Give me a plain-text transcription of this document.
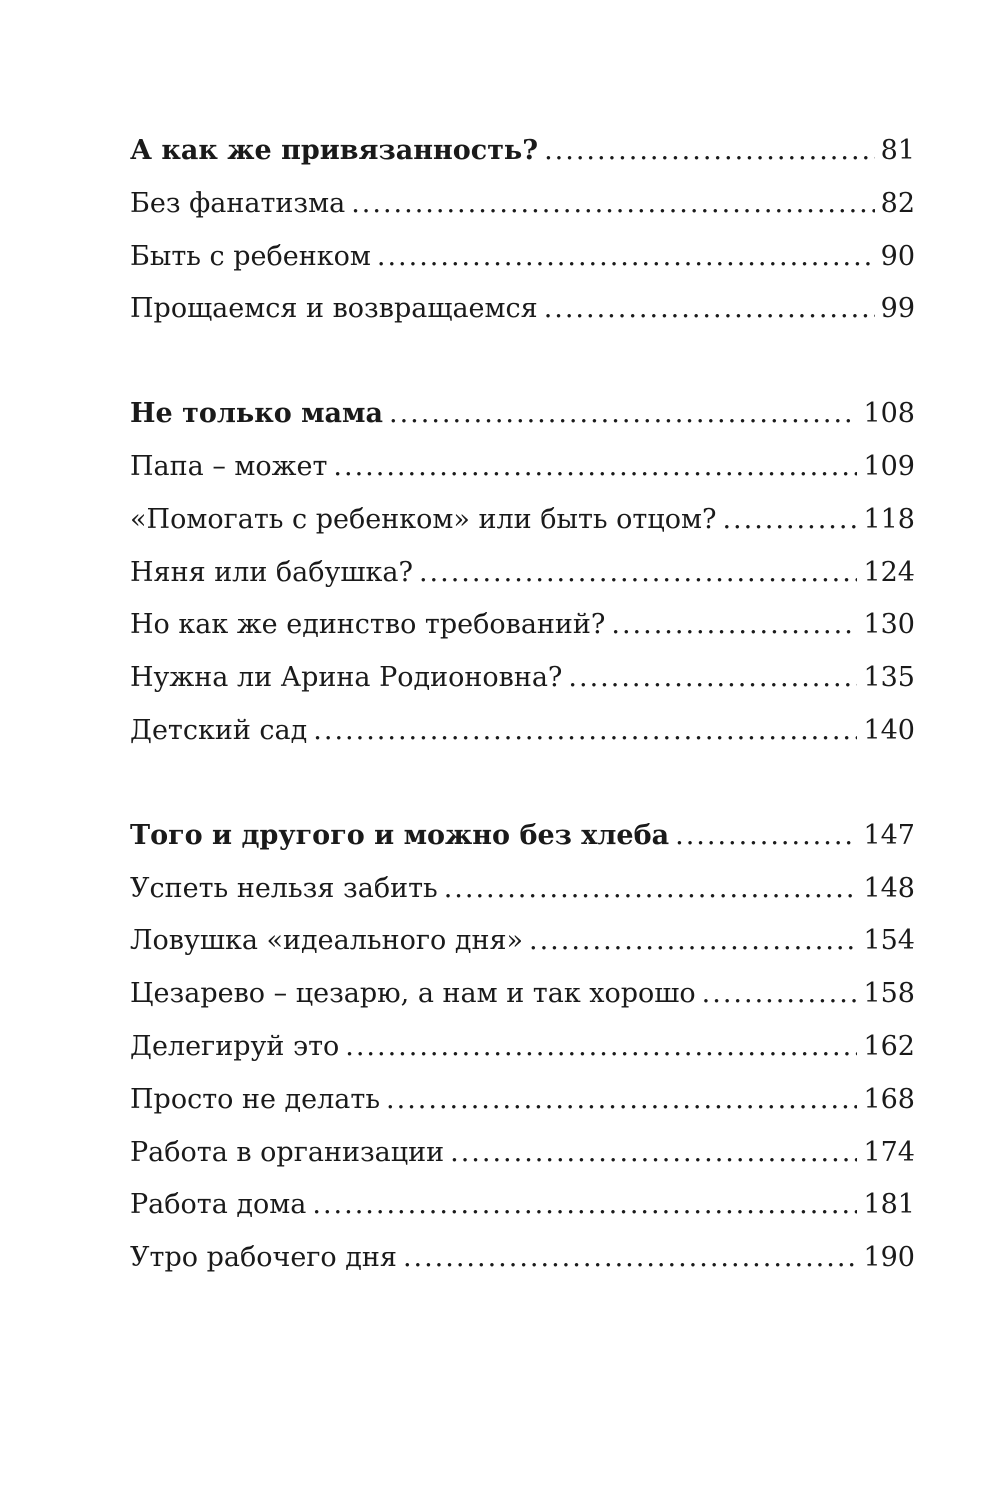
А как же привязанность? .....	81
Без фанатизма .....	82
Быть с ребенком .....	90
Прощаемся и возвращаемся .....	99
Не только мама .....	108
Папа – может .....	109
«Помогать с ребенком» или быть отцом? .....	118
Няня или бабушка? .....	124
Но как же единство требований? .....	130
Нужна ли Арина Родионовна? .....	135
Детский сад .....	140
Того и другого и можно без хлеба .....	147
Успеть нельзя забить .....	148
Ловушка «идеального дня» .....	154
Цезарево – цезарю, а нам и так хорошо .....	158
Делегируй это .....	162
Просто не делать .....	168
Работа в организации .....	174
Работа дома .....	181
Утро рабочего дня .....	190
